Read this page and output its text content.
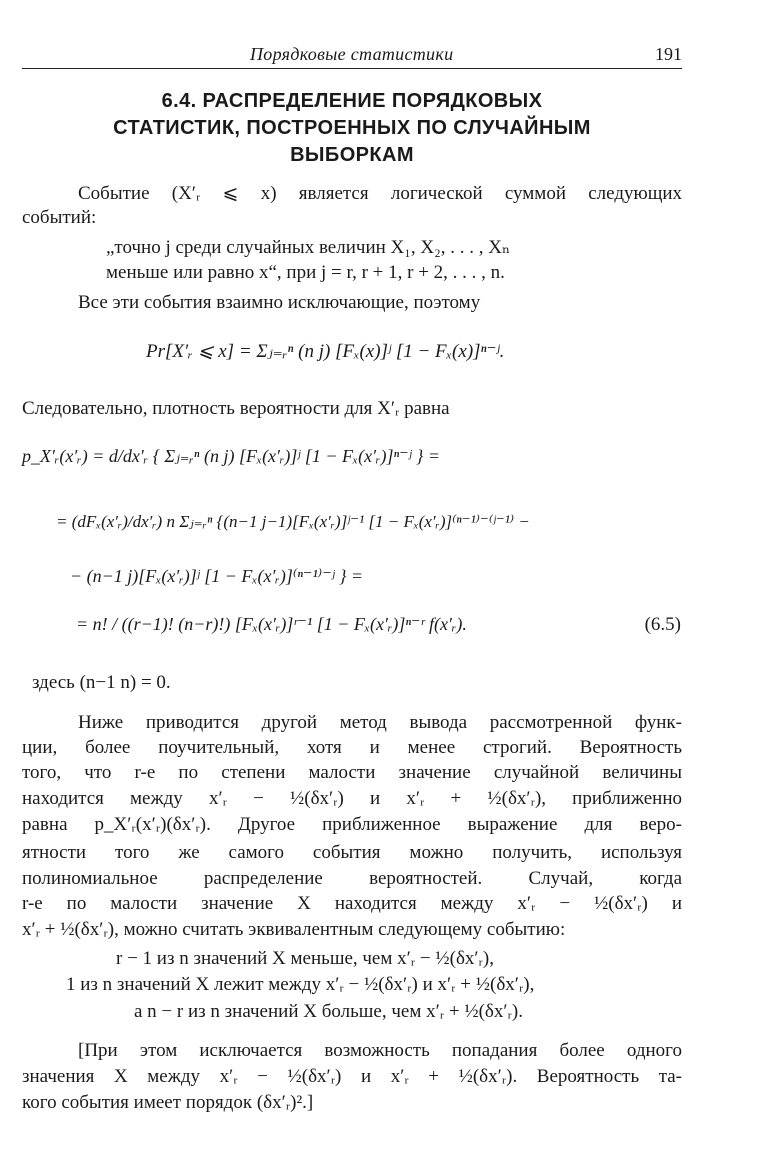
Порядковые статистики	191
6.4. РАСПРЕДЕЛЕНИЕ ПОРЯДКОВЫХ
СТАТИСТИК, ПОСТРОЕННЫХ ПО СЛУЧАЙНЫМ
ВЫБОРКАМ
Событие (X′ᵣ ⩽ x) является логической суммой следующих
событий:
„точно j среди случайных величин X₁, X₂, . . . , Xₙ
меньше или равно x“, при j = r, r + 1, r + 2, . . . , n.
Все эти события взаимно исключающие, поэтому
Pr[X′ᵣ ⩽ x] = Σⱼ₌ᵣⁿ (n j) [Fₓ(x)]ʲ [1 − Fₓ(x)]ⁿ⁻ʲ.
Следовательно, плотность вероятности для X′ᵣ равна
p_X′ᵣ(x′ᵣ) = d/dx′ᵣ { Σⱼ₌ᵣⁿ (n j) [Fₓ(x′ᵣ)]ʲ [1 − Fₓ(x′ᵣ)]ⁿ⁻ʲ } =
= (dFₓ(x′ᵣ)/dx′ᵣ) n Σⱼ₌ᵣⁿ {(n−1 j−1)[Fₓ(x′ᵣ)]ʲ⁻¹ [1 − Fₓ(x′ᵣ)]⁽ⁿ⁻¹⁾⁻⁽ʲ⁻¹⁾ −
− (n−1 j)[Fₓ(x′ᵣ)]ʲ [1 − Fₓ(x′ᵣ)]⁽ⁿ⁻¹⁾⁻ʲ } =
= n! / ((r−1)! (n−r)!) [Fₓ(x′ᵣ)]ʳ⁻¹ [1 − Fₓ(x′ᵣ)]ⁿ⁻ʳ f(x′ᵣ).	(6.5)
здесь (n−1 n) = 0.
Ниже приводится другой метод вывода рассмотренной функ-
ции, более поучительный, хотя и менее строгий. Вероятность
того, что r-е по степени малости значение случайной величины
находится между x′ᵣ − ½(δx′ᵣ) и x′ᵣ + ½(δx′ᵣ), приближенно
равна p_X′ᵣ(x′ᵣ)(δx′ᵣ). Другое приближенное выражение для веро-
ятности того же самого события можно получить, используя
полиномиальное распределение вероятностей. Случай, когда
r-е по малости значение X находится между x′ᵣ − ½(δx′ᵣ) и
x′ᵣ + ½(δx′ᵣ), можно считать эквивалентным следующему событию:
r − 1 из n значений X меньше, чем x′ᵣ − ½(δx′ᵣ),
1 из n значений X лежит между x′ᵣ − ½(δx′ᵣ) и x′ᵣ + ½(δx′ᵣ),
а n − r из n значений X больше, чем x′ᵣ + ½(δx′ᵣ).
[При этом исключается возможность попадания более одного
значения X между x′ᵣ − ½(δx′ᵣ) и x′ᵣ + ½(δx′ᵣ). Вероятность та-
кого события имеет порядок (δx′ᵣ)².]
